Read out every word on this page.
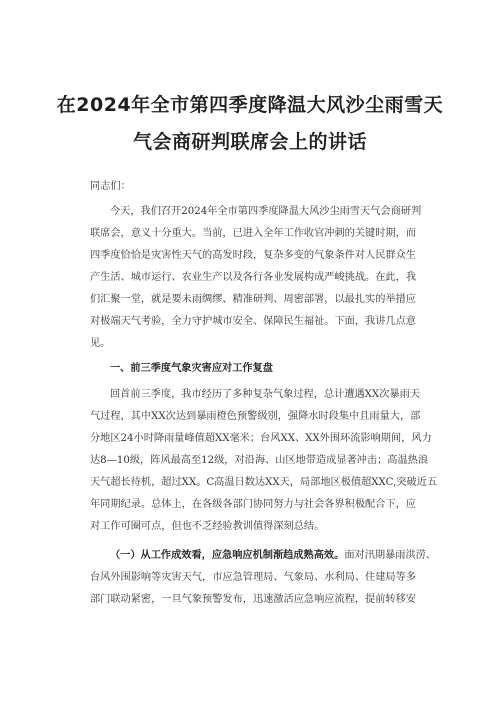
在2024年全市第四季度降温大风沙尘雨雪天
气会商研判联席会上的讲话
同志们：
今天，我们召开2024年全市第四季度降温大风沙尘雨雪天气会商研判
联席会，意义十分重大。当前，已进入全年工作收官冲刺的关键时期，而
四季度恰恰是灾害性天气的高发时段，复杂多变的气象条件对人民群众生
产生活、城市运行、农业生产以及各行各业发展构成严峻挑战。在此，我
们汇聚一堂，就是要未雨绸缪、精准研判、周密部署，以最扎实的举措应
对极端天气考验，全力守护城市安全、保障民生福祉。下面，我讲几点意
见。
一、前三季度气象灾害应对工作复盘
回首前三季度，我市经历了多种复杂气象过程，总计遭遇XX次暴雨天
气过程，其中XX次达到暴雨橙色预警级别，强降水时段集中且雨量大，部
分地区24小时降雨量峰值超XX毫米；台风XX、XX外围环流影响期间，风力
达8—10级，阵风最高至12级，对沿海、山区地带造成显著冲击；高温热浪
天气超长待机，超过XX。C高温日数达XX天，局部地区极值超XXC,突破近五
年同期纪录。总体上，在各级各部门协同努力与社会各界积极配合下，应
对工作可圈可点，但也不乏经验教训值得深刻总结。
（一）从工作成效看，应急响应机制渐趋成熟高效。面对汛期暴雨洪涝、
台风外围影响等灾害天气，市应急管理局、气象局、水利局、住建局等多
部门联动紧密，一旦气象预警发布，迅速激活应急响应流程，提前转移安
